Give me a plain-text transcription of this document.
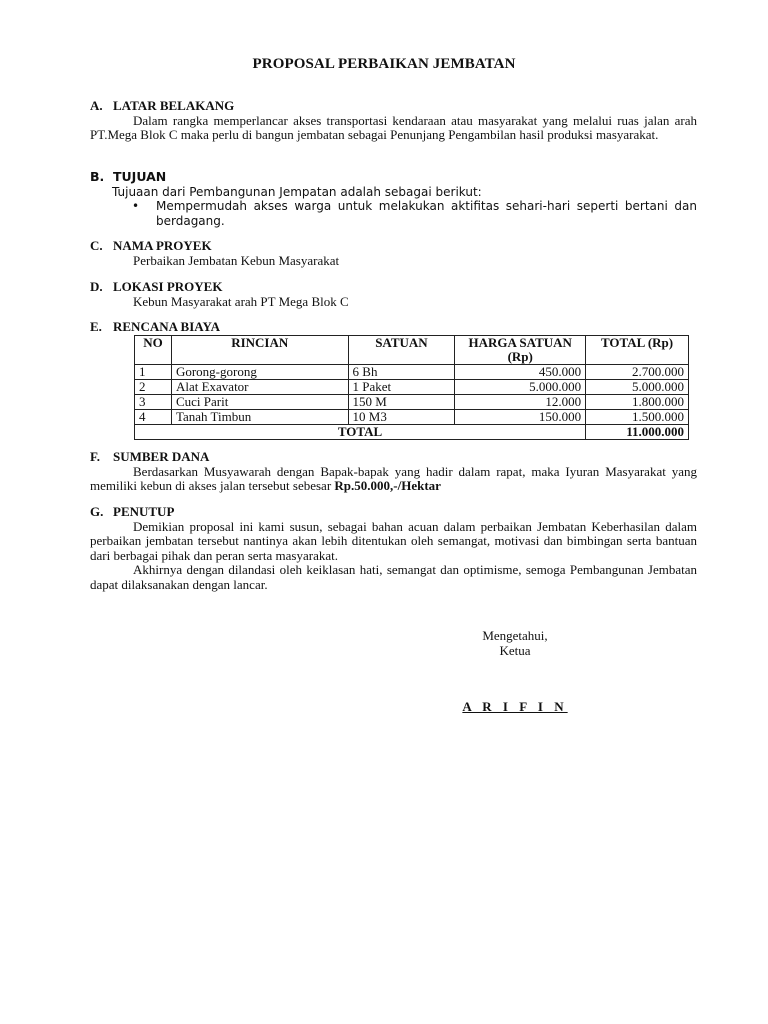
PROPOSAL PERBAIKAN JEMBATAN
A. LATAR BELAKANG
Dalam rangka memperlancar akses transportasi kendaraan atau masyarakat yang melalui ruas jalan arah PT.Mega Blok C maka perlu di bangun jembatan sebagai Penunjang Pengambilan hasil produksi masyarakat.
B. TUJUAN
Tujuaan dari Pembangunan Jempatan adalah sebagai berikut:
• Mempermudah akses warga untuk melakukan aktifitas sehari-hari seperti bertani dan berdagang.
C. NAMA PROYEK
Perbaikan Jembatan Kebun Masyarakat
D. LOKASI PROYEK
Kebun Masyarakat arah PT Mega Blok C
E. RENCANA BIAYA
NO	RINCIAN	SATUAN	HARGA SATUAN (Rp)	TOTAL (Rp)
1	Gorong-gorong	6 Bh	450.000	2.700.000
2	Alat Exavator	1 Paket	5.000.000	5.000.000
3	Cuci Parit	150 M	12.000	1.800.000
4	Tanah Timbun	10 M3	150.000	1.500.000
TOTAL				11.000.000
F. SUMBER DANA
Berdasarkan Musyawarah dengan Bapak-bapak yang hadir dalam rapat, maka Iyuran Masyarakat yang memiliki kebun di akses jalan tersebut sebesar Rp.50.000,-/Hektar
G. PENUTUP
Demikian proposal ini kami susun, sebagai bahan acuan dalam perbaikan Jembatan Keberhasilan dalam perbaikan jembatan tersebut nantinya akan lebih ditentukan oleh semangat, motivasi dan bimbingan serta bantuan dari berbagai pihak dan peran serta masyarakat.
Akhirnya dengan dilandasi oleh keiklasan hati, semangat dan optimisme, semoga Pembangunan Jembatan dapat dilaksanakan dengan lancar.
Mengetahui,
Ketua
A R I F I N
